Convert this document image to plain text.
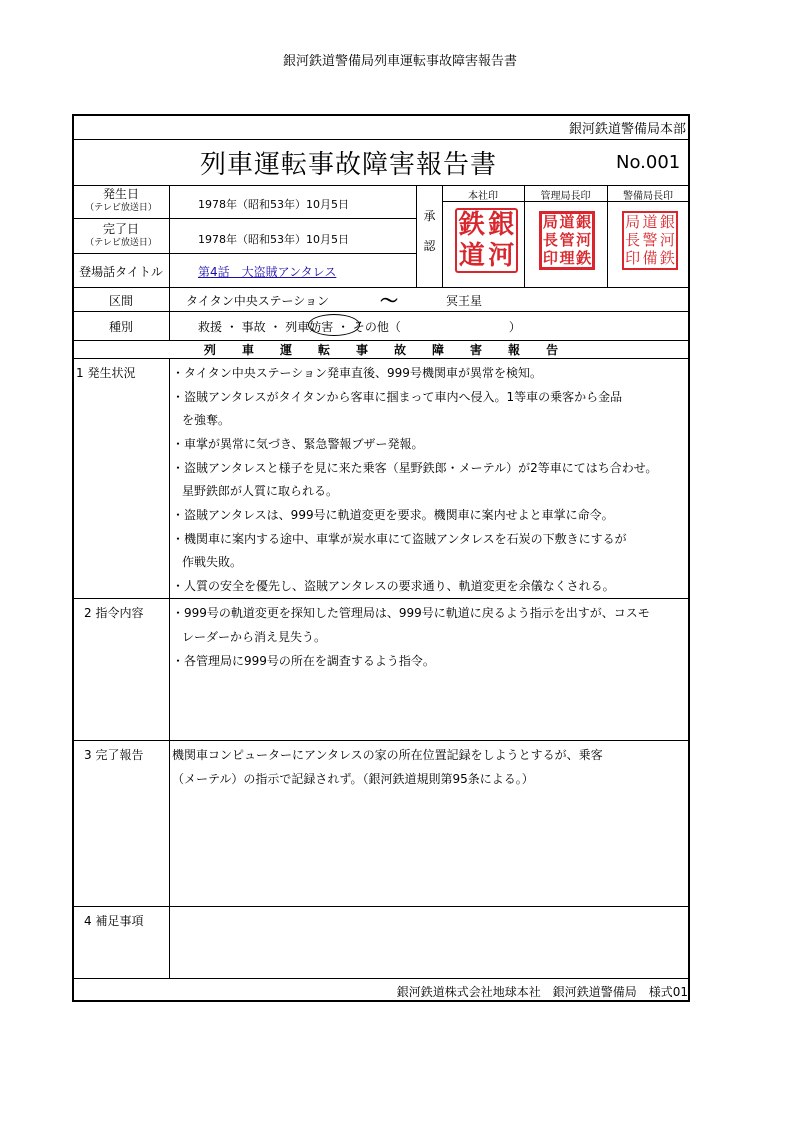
銀河鉄道警備局列車運転事故障害報告書
銀河鉄道警備局本部
列車運転事故障害報告書	No.001
発生日
（テレビ放送日）	1978年（昭和53年）10月5日
完了日
（テレビ放送日）	1978年（昭和53年）10月5日
登場話タイトル	第4話　大盗賊アンタレス
承
認
本社印	管理局長印	警備局長印
鉄 銀
道 河
局 道 銀
長 管 河
印 理 鉄
局 道 銀
長 警 河
印 備 鉄
区間	タイタン中央ステーション	〜	冥王星
種別	救援 ・ 事故 ・ 列車妨害 ・ その他（　　　　　　　　　）
列 車 運 転 事 故 障 害 報 告
1 発生状況	・タイタン中央ステーション発車直後、999号機関車が異常を検知。
・盗賊アンタレスがタイタンから客車に掴まって車内へ侵入。1等車の乗客から金品
を強奪。
・車掌が異常に気づき、緊急警報ブザー発報。
・盗賊アンタレスと様子を見に来た乗客（星野鉄郎・メーテル）が2等車にてはち合わせ。
星野鉄郎が人質に取られる。
・盗賊アンタレスは、999号に軌道変更を要求。機関車に案内せよと車掌に命令。
・機関車に案内する途中、車掌が炭水車にて盗賊アンタレスを石炭の下敷きにするが
作戦失敗。
・人質の安全を優先し、盗賊アンタレスの要求通り、軌道変更を余儀なくされる。
2 指令内容 ・999号の軌道変更を探知した管理局は、999号に軌道に戻るよう指示を出すが、コスモ
レーダーから消え見失う。
・各管理局に999号の所在を調査するよう指令。
3 完了報告 機関車コンピューターにアンタレスの家の所在位置記録をしようとするが、乗客
（メーテル）の指示で記録されず。（銀河鉄道規則第95条による。）
4 補足事項
銀河鉄道株式会社地球本社　銀河鉄道警備局　様式01
